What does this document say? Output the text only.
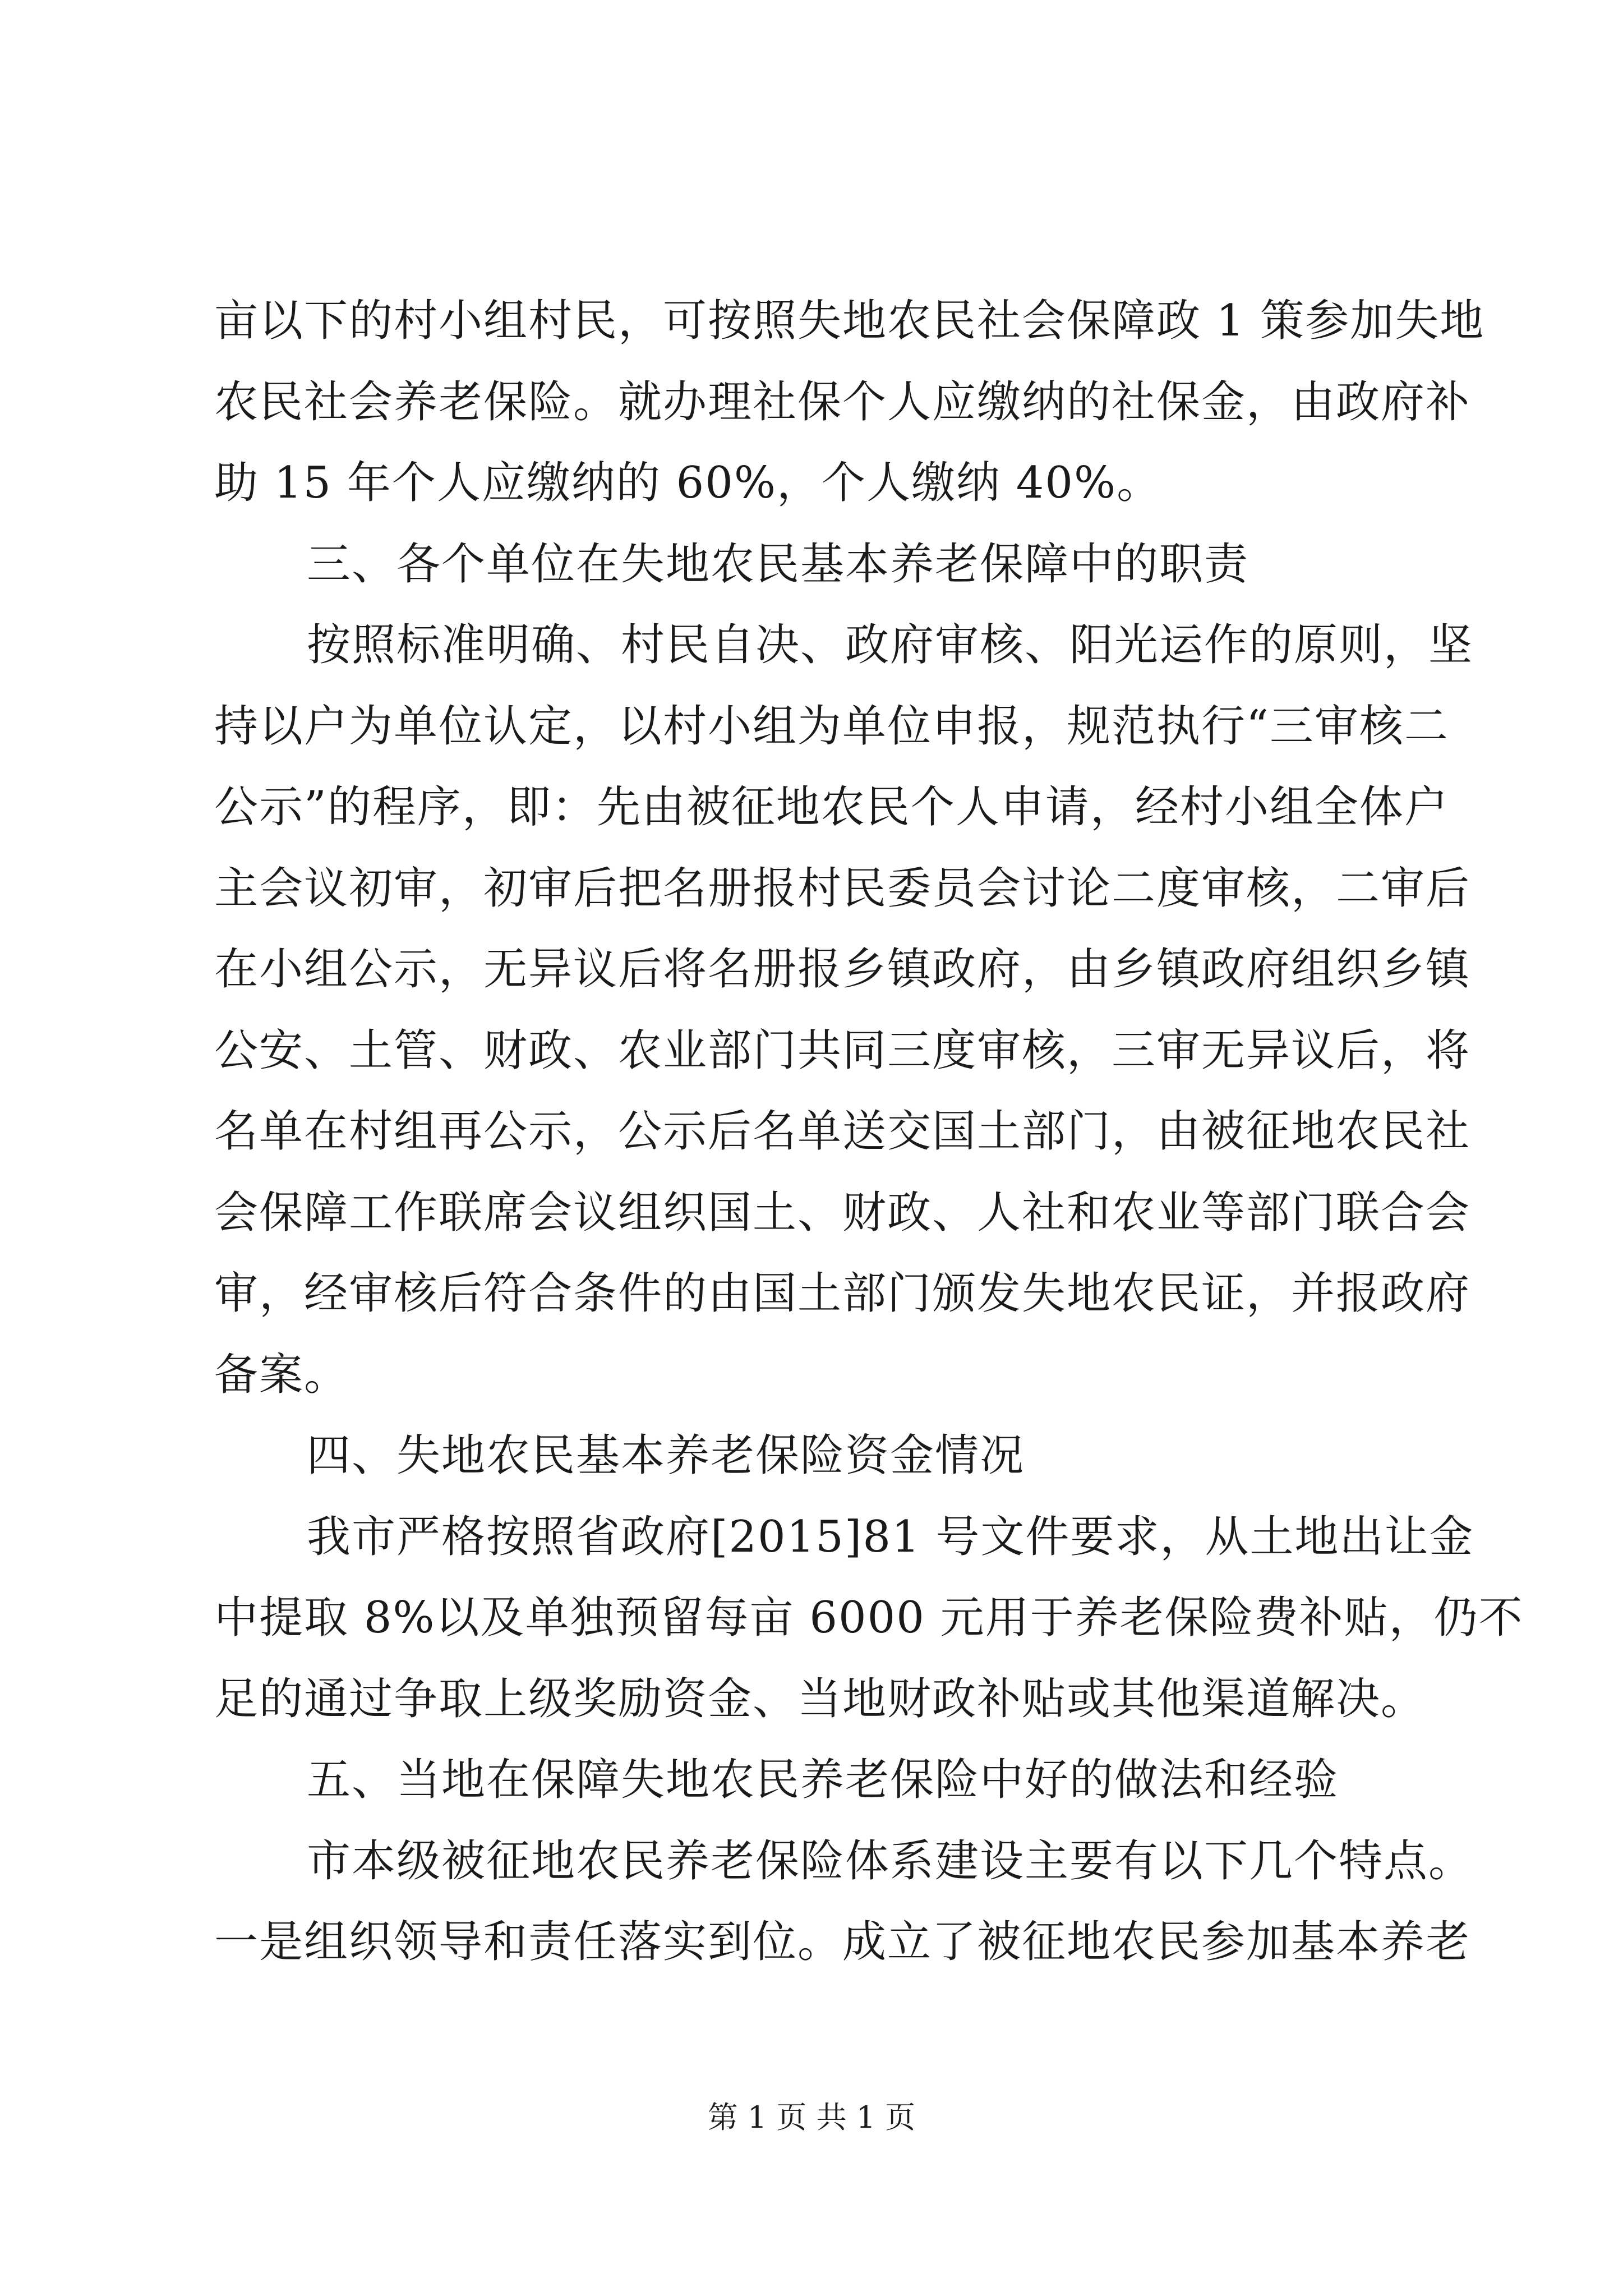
亩以下的村小组村民，可按照失地农民社会保障政 1 策参加失地
农民社会养老保险。就办理社保个人应缴纳的社保金，由政府补
助 15 年个人应缴纳的 60%，个人缴纳 40%。
三、各个单位在失地农民基本养老保障中的职责
按照标准明确、村民自决、政府审核、阳光运作的原则，坚
持以户为单位认定，以村小组为单位申报，规范执行“三审核二
公示”的程序，即：先由被征地农民个人申请，经村小组全体户
主会议初审，初审后把名册报村民委员会讨论二度审核，二审后
在小组公示，无异议后将名册报乡镇政府，由乡镇政府组织乡镇
公安、土管、财政、农业部门共同三度审核，三审无异议后，将
名单在村组再公示，公示后名单送交国土部门，由被征地农民社
会保障工作联席会议组织国土、财政、人社和农业等部门联合会
审，经审核后符合条件的由国土部门颁发失地农民证，并报政府
备案。
四、失地农民基本养老保险资金情况
我市严格按照省政府[2015]81 号文件要求，从土地出让金
中提取 8%以及单独预留每亩 6000 元用于养老保险费补贴，仍不
足的通过争取上级奖励资金、当地财政补贴或其他渠道解决。
五、当地在保障失地农民养老保险中好的做法和经验
市本级被征地农民养老保险体系建设主要有以下几个特点。
一是组织领导和责任落实到位。成立了被征地农民参加基本养老
第 1 页 共 1 页
